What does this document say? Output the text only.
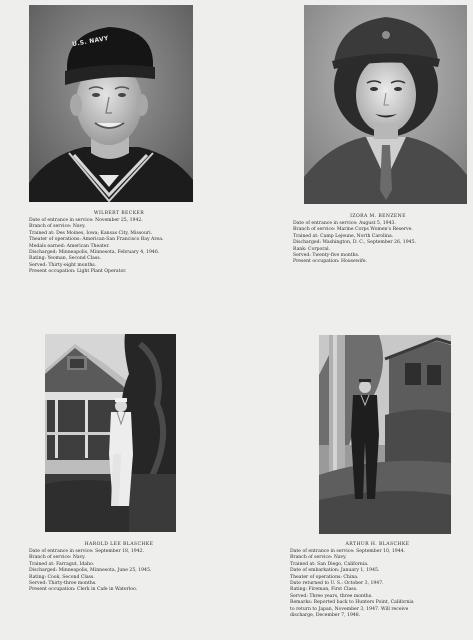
U.S. NAVY
WILBERT BECKER
Date of entrance in service: November 25, 1942.
Branch of service: Navy.
Trained at: Des Moines, Iowa; Kansas City, Missouri.
Theater of operations: American-San Francisco Bay Area.
Medals earned: American Theater.
Discharged: Minneapolis, Minnesota, February 4, 1946.
Rating: Yeoman, Second Class.
Served: Thirty-eight months.
Present occupation: Light Plant Operator.
IZORA M. BENZENE
Date of entrance in service: August 5, 1943.
Branch of service: Marine Corps Women's Reserve.
Trained at: Camp Lejeune, North Carolina.
Discharged: Washington, D. C., September 26, 1945.
Rank: Corporal.
Served: Twenty-five months.
Present occupation: Housewife.
HAROLD LEE BLASCHKE
Date of entrance in service: September 18, 1942.
Branch of service: Navy.
Trained at: Farragut, Idaho.
Discharged: Minneapolis, Minnesota, June 25, 1945.
Rating: Cook, Second Class.
Served: Thirty-three months.
Present occupation: Clerk in Cafe in Waterloo.
ARTHUR H. BLASCHKE
Date of entrance in service: September 10, 1944.
Branch of service: Navy.
Trained at: San Diego, California.
Date of embarkation: January 1, 1945.
Theater of operations: China.
Date returned to U. S.: October 3, 1947.
Rating: Fireman, First Class.
Served: Three years, three months.
Remarks: Reported back to Hunters Point, California
to return to Japan, November 3, 1947. Will receive
discharge, December 7, 1948.
